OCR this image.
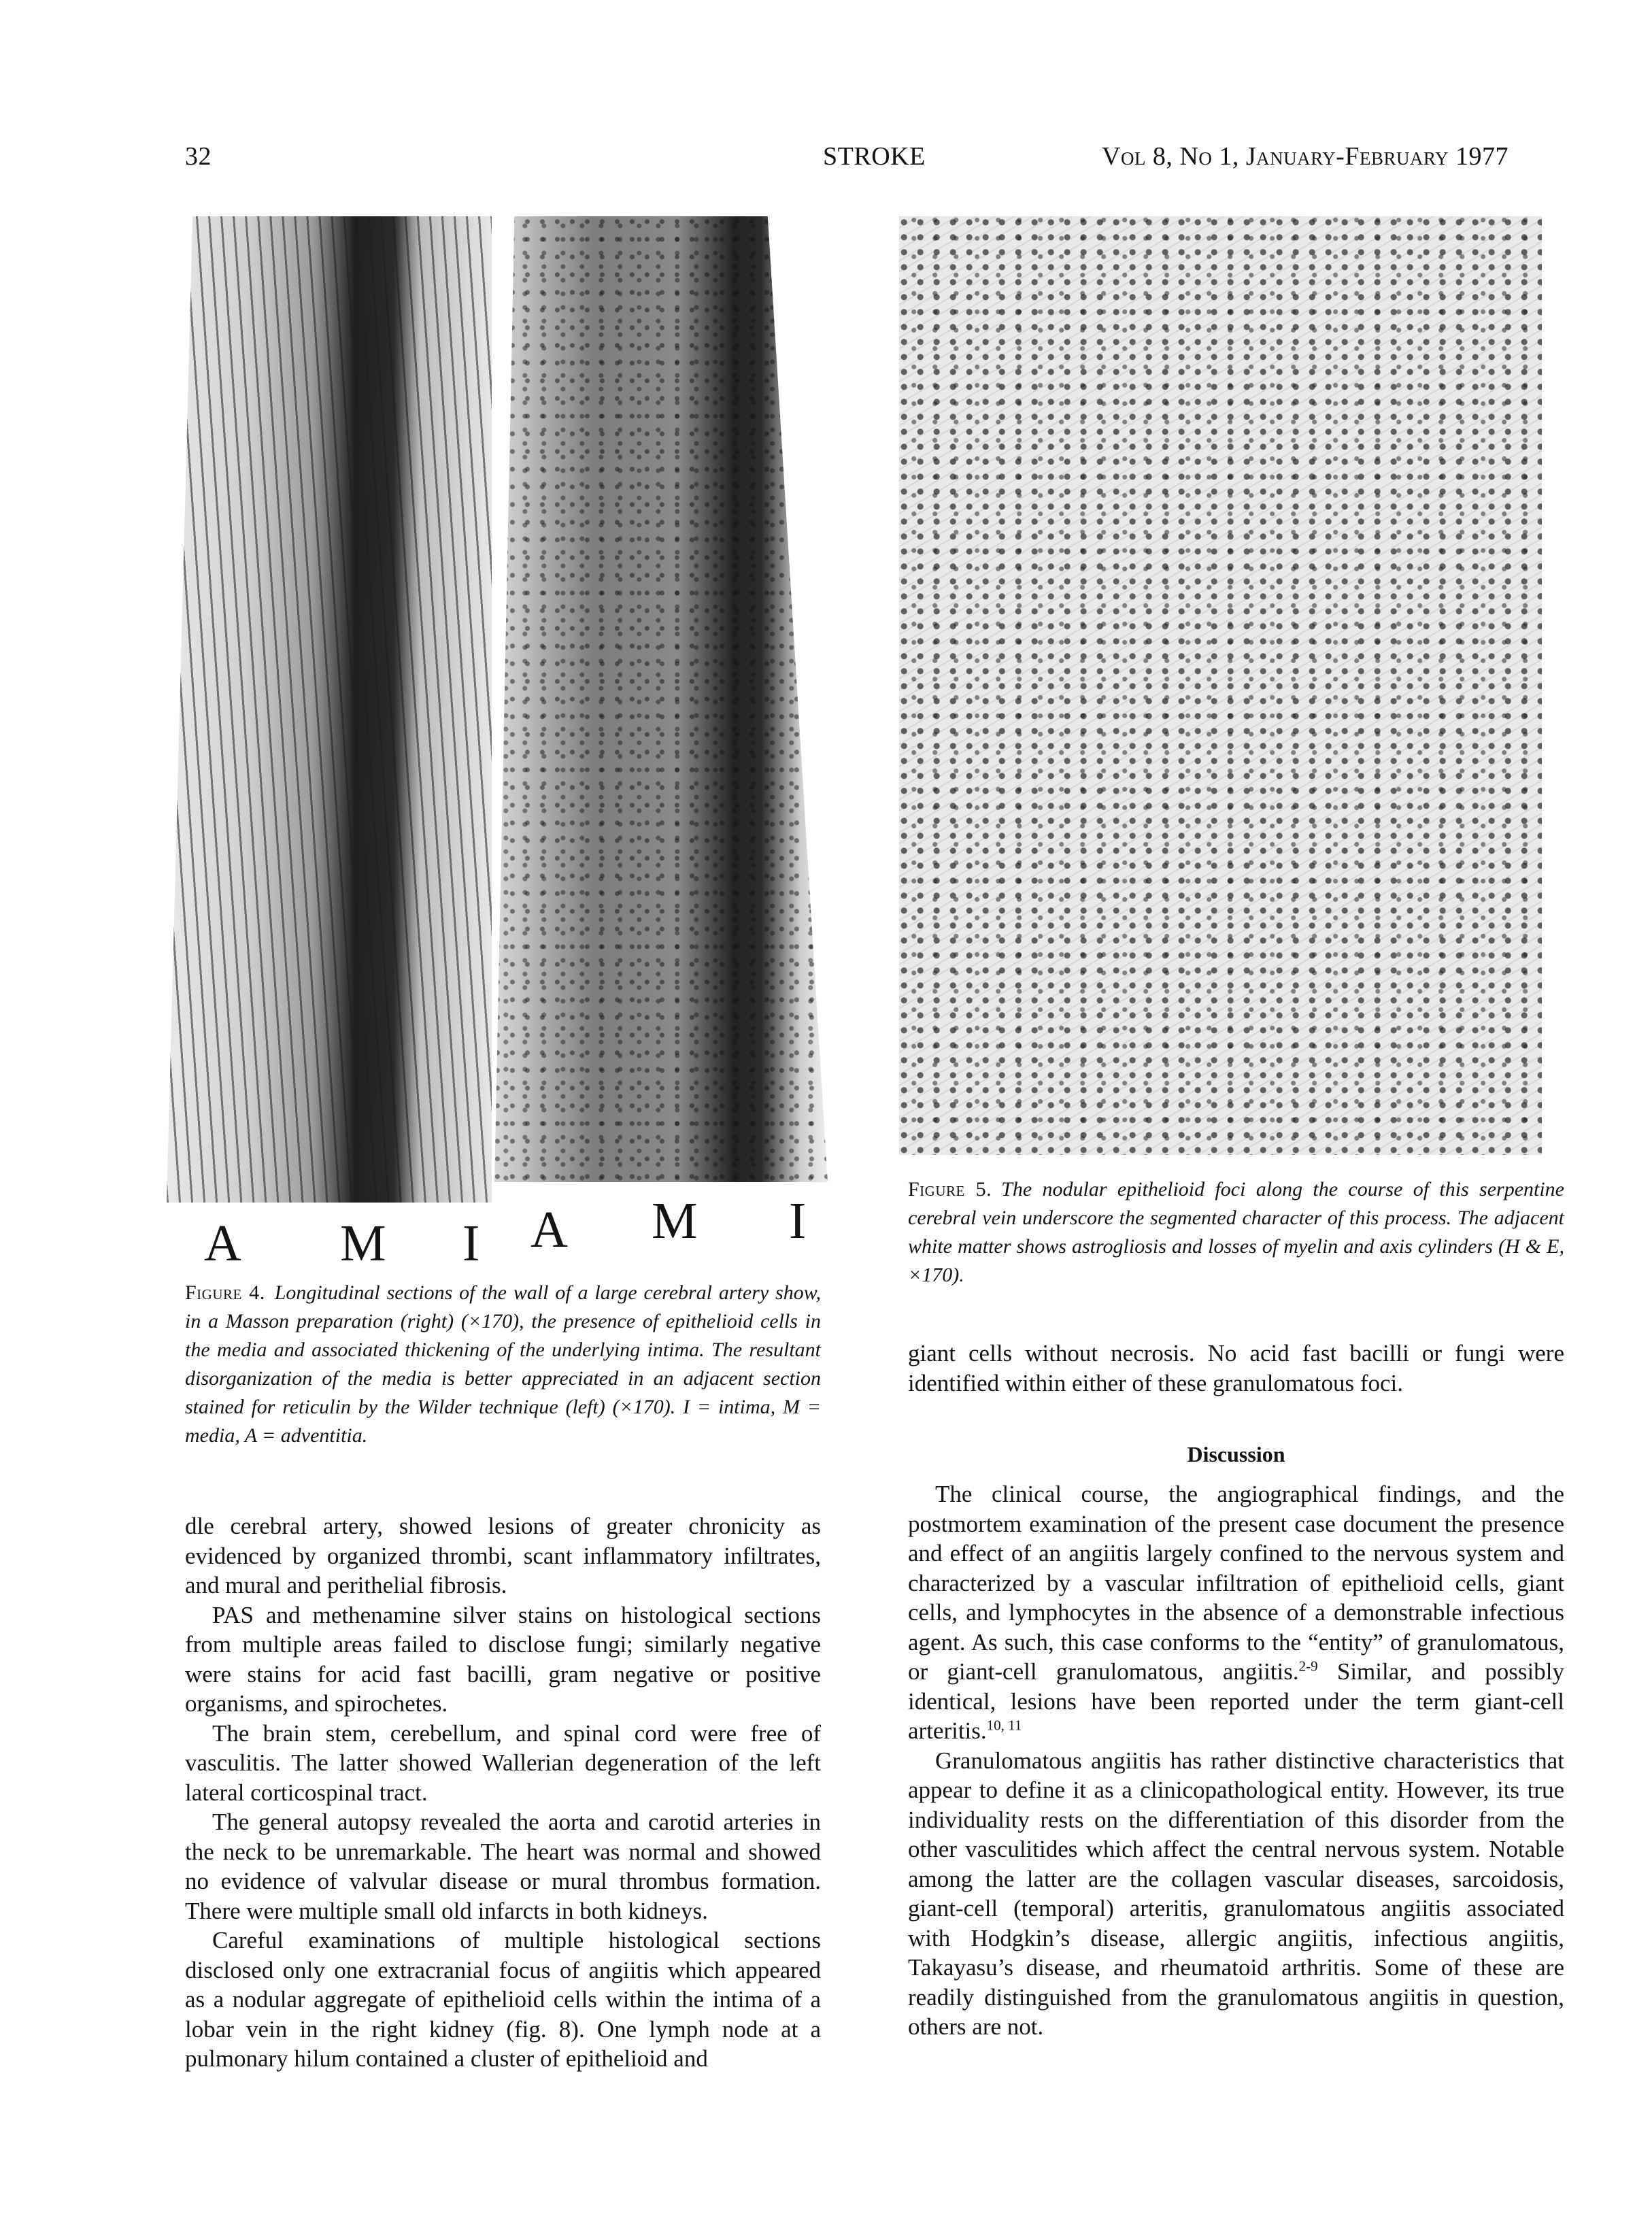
32	STROKE	Vol 8, No 1, January-February 1977
A M I A M I
Figure 4. Longitudinal sections of the wall of a large cerebral artery show, in a Masson preparation (right) (×170), the presence of epithelioid cells in the media and associated thickening of the underlying intima. The resultant disorganization of the media is better appreciated in an adjacent section stained for reticulin by the Wilder technique (left) (×170). I = intima, M = media, A = adventitia.
Figure 5. The nodular epithelioid foci along the course of this serpentine cerebral vein underscore the segmented character of this process. The adjacent white matter shows astrogliosis and losses of myelin and axis cylinders (H & E, ×170).

dle cerebral artery, showed lesions of greater chronicity as evidenced by organized thrombi, scant inflammatory infiltrates, and mural and perithelial fibrosis.

PAS and methenamine silver stains on histological sections from multiple areas failed to disclose fungi; similarly negative were stains for acid fast bacilli, gram negative or positive organisms, and spirochetes.

The brain stem, cerebellum, and spinal cord were free of vasculitis. The latter showed Wallerian degeneration of the left lateral corticospinal tract.

The general autopsy revealed the aorta and carotid arteries in the neck to be unremarkable. The heart was normal and showed no evidence of valvular disease or mural thrombus formation. There were multiple small old infarcts in both kidneys.

Careful examinations of multiple histological sections disclosed only one extracranial focus of angiitis which appeared as a nodular aggregate of epithelioid cells within the intima of a lobar vein in the right kidney (fig. 8). One lymph node at a pulmonary hilum contained a cluster of epithelioid and

giant cells without necrosis. No acid fast bacilli or fungi were identified within either of these granulomatous foci.

Discussion

The clinical course, the angiographical findings, and the postmortem examination of the present case document the presence and effect of an angiitis largely confined to the nervous system and characterized by a vascular infiltration of epithelioid cells, giant cells, and lymphocytes in the absence of a demonstrable infectious agent. As such, this case conforms to the “entity” of granulomatous, or giant-cell granulomatous, angiitis.$^{2-9}$ Similar, and possibly identical, lesions have been reported under the term giant-cell arteritis.$^{10, 11}$

Granulomatous angiitis has rather distinctive characteristics that appear to define it as a clinicopathological entity. However, its true individuality rests on the differentiation of this disorder from the other vasculitides which affect the central nervous system. Notable among the latter are the collagen vascular diseases, sarcoidosis, giant-cell (temporal) arteritis, granulomatous angiitis associated with Hodgkin’s disease, allergic angiitis, infectious angiitis, Takayasu’s disease, and rheumatoid arthritis. Some of these are readily distinguished from the granulomatous angiitis in question, others are not.
